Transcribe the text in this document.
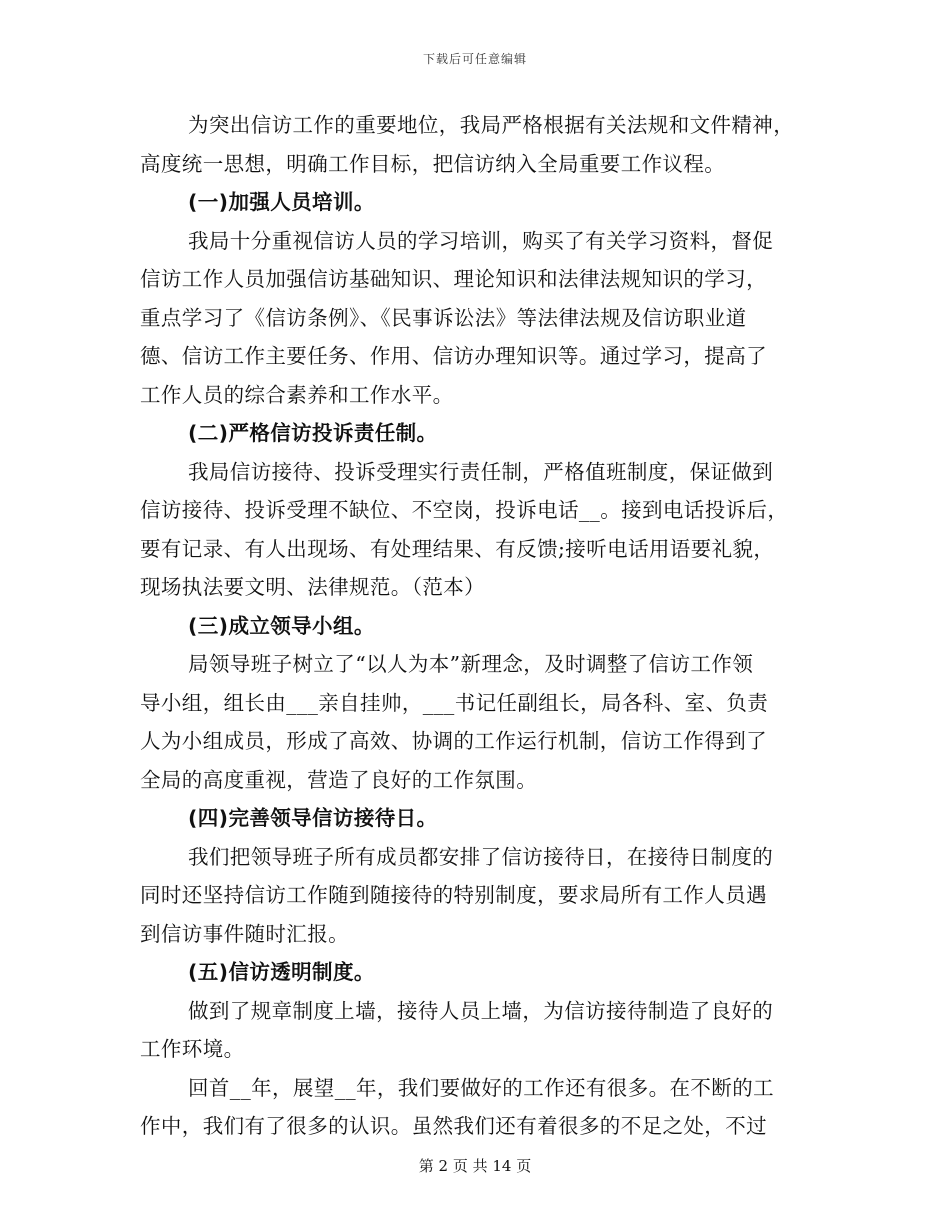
下载后可任意编辑
为突出信访工作的重要地位，我局严格根据有关法规和文件精神，
高度统一思想，明确工作目标，把信访纳入全局重要工作议程。
(一)加强人员培训。
我局十分重视信访人员的学习培训，购买了有关学习资料，督促
信访工作人员加强信访基础知识、理论知识和法律法规知识的学习，
重点学习了《信访条例》、《民事诉讼法》等法律法规及信访职业道
德、信访工作主要任务、作用、信访办理知识等。通过学习，提高了
工作人员的综合素养和工作水平。
(二)严格信访投诉责任制。
我局信访接待、投诉受理实行责任制，严格值班制度，保证做到
信访接待、投诉受理不缺位、不空岗，投诉电话__。接到电话投诉后，
要有记录、有人出现场、有处理结果、有反馈;接听电话用语要礼貌，
现场执法要文明、法律规范。（范本）
(三)成立领导小组。
局领导班子树立了“以人为本”新理念，及时调整了信访工作领
导小组，组长由___亲自挂帅，___书记任副组长，局各科、室、负责
人为小组成员，形成了高效、协调的工作运行机制，信访工作得到了
全局的高度重视，营造了良好的工作氛围。
(四)完善领导信访接待日。
我们把领导班子所有成员都安排了信访接待日，在接待日制度的
同时还坚持信访工作随到随接待的特别制度，要求局所有工作人员遇
到信访事件随时汇报。
(五)信访透明制度。
做到了规章制度上墙，接待人员上墙，为信访接待制造了良好的
工作环境。
回首__年，展望__年，我们要做好的工作还有很多。在不断的工
作中，我们有了很多的认识。虽然我们还有着很多的不足之处，不过
第 2 页 共 14 页
